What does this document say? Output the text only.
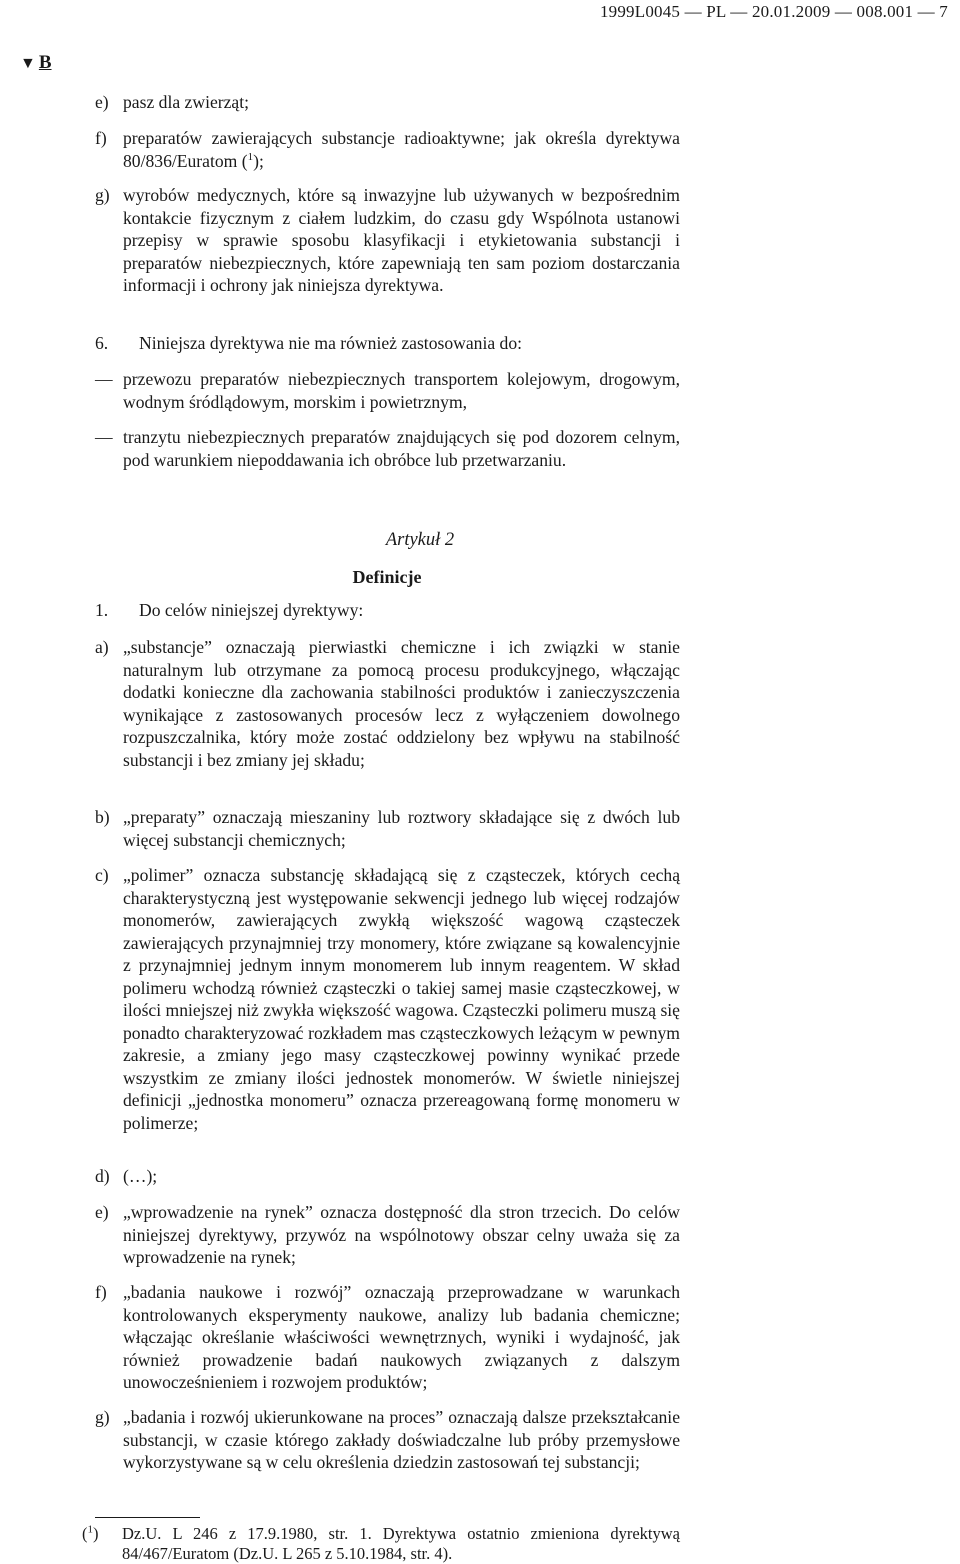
1999L0045 — PL — 20.01.2009 — 008.001 — 7
▼ B
e) pasz dla zwierząt;
f) preparatów zawierających substancje radioaktywne; jak określa dyrektywa 80/836/Euratom ($^1$);
g) wyrobów medycznych, które są inwazyjne lub używanych w bezpośrednim kontakcie fizycznym z ciałem ludzkim, do czasu gdy Wspólnota ustanowi przepisy w sprawie sposobu klasyfikacji i etykietowania substancji i preparatów niebezpiecznych, które zapewniają ten sam poziom dostarczania informacji i ochrony jak niniejsza dyrektywa.
6. Niniejsza dyrektywa nie ma również zastosowania do:
— przewozu preparatów niebezpiecznych transportem kolejowym, drogowym, wodnym śródlądowym, morskim i powietrznym,
— tranzytu niebezpiecznych preparatów znajdujących się pod dozorem celnym, pod warunkiem niepoddawania ich obróbce lub przetwarzaniu.
Artykuł 2
Definicje
1. Do celów niniejszej dyrektywy:
a) „substancje” oznaczają pierwiastki chemiczne i ich związki w stanie naturalnym lub otrzymane za pomocą procesu produkcyjnego, włączając dodatki konieczne dla zachowania stabilności produktów i zanieczyszczenia wynikające z zastosowanych procesów lecz z wyłączeniem dowolnego rozpuszczalnika, który może zostać oddzielony bez wpływu na stabilność substancji i bez zmiany jej składu;
b) „preparaty” oznaczają mieszaniny lub roztwory składające się z dwóch lub więcej substancji chemicznych;
c) „polimer” oznacza substancję składającą się z cząsteczek, których cechą charakterystyczną jest występowanie sekwencji jednego lub więcej rodzajów monomerów, zawierających zwykłą większość wagową cząsteczek zawierających przynajmniej trzy monomery, które związane są kowalencyjnie z przynajmniej jednym innym monomerem lub innym reagentem. W skład polimeru wchodzą również cząsteczki o takiej samej masie cząsteczkowej, w ilości mniejszej niż zwykła większość wagowa. Cząsteczki polimeru muszą się ponadto charakteryzować rozkładem mas cząsteczkowych leżącym w pewnym zakresie, a zmiany jego masy cząsteczkowej powinny wynikać przede wszystkim ze zmiany ilości jednostek monomerów. W świetle niniejszej definicji „jednostka monomeru” oznacza przereagowaną formę monomeru w polimerze;
d) (…);
e) „wprowadzenie na rynek” oznacza dostępność dla stron trzecich. Do celów niniejszej dyrektywy, przywóz na wspólnotowy obszar celny uważa się za wprowadzenie na rynek;
f) „badania naukowe i rozwój” oznaczają przeprowadzane w warunkach kontrolowanych eksperymenty naukowe, analizy lub badania chemiczne; włączając określanie właściwości wewnętrznych, wyniki i wydajność, jak również prowadzenie badań naukowych związanych z dalszym unowocześnieniem i rozwojem produktów;
g) „badania i rozwój ukierunkowane na proces” oznaczają dalsze przekształcanie substancji, w czasie którego zakłady doświadczalne lub próby przemysłowe wykorzystywane są w celu określenia dziedzin zastosowań tej substancji;
($^1$)	Dz.U. L 246 z 17.9.1980, str. 1. Dyrektywa ostatnio zmieniona dyrektywą 84/467/Euratom (Dz.U. L 265 z 5.10.1984, str. 4).
